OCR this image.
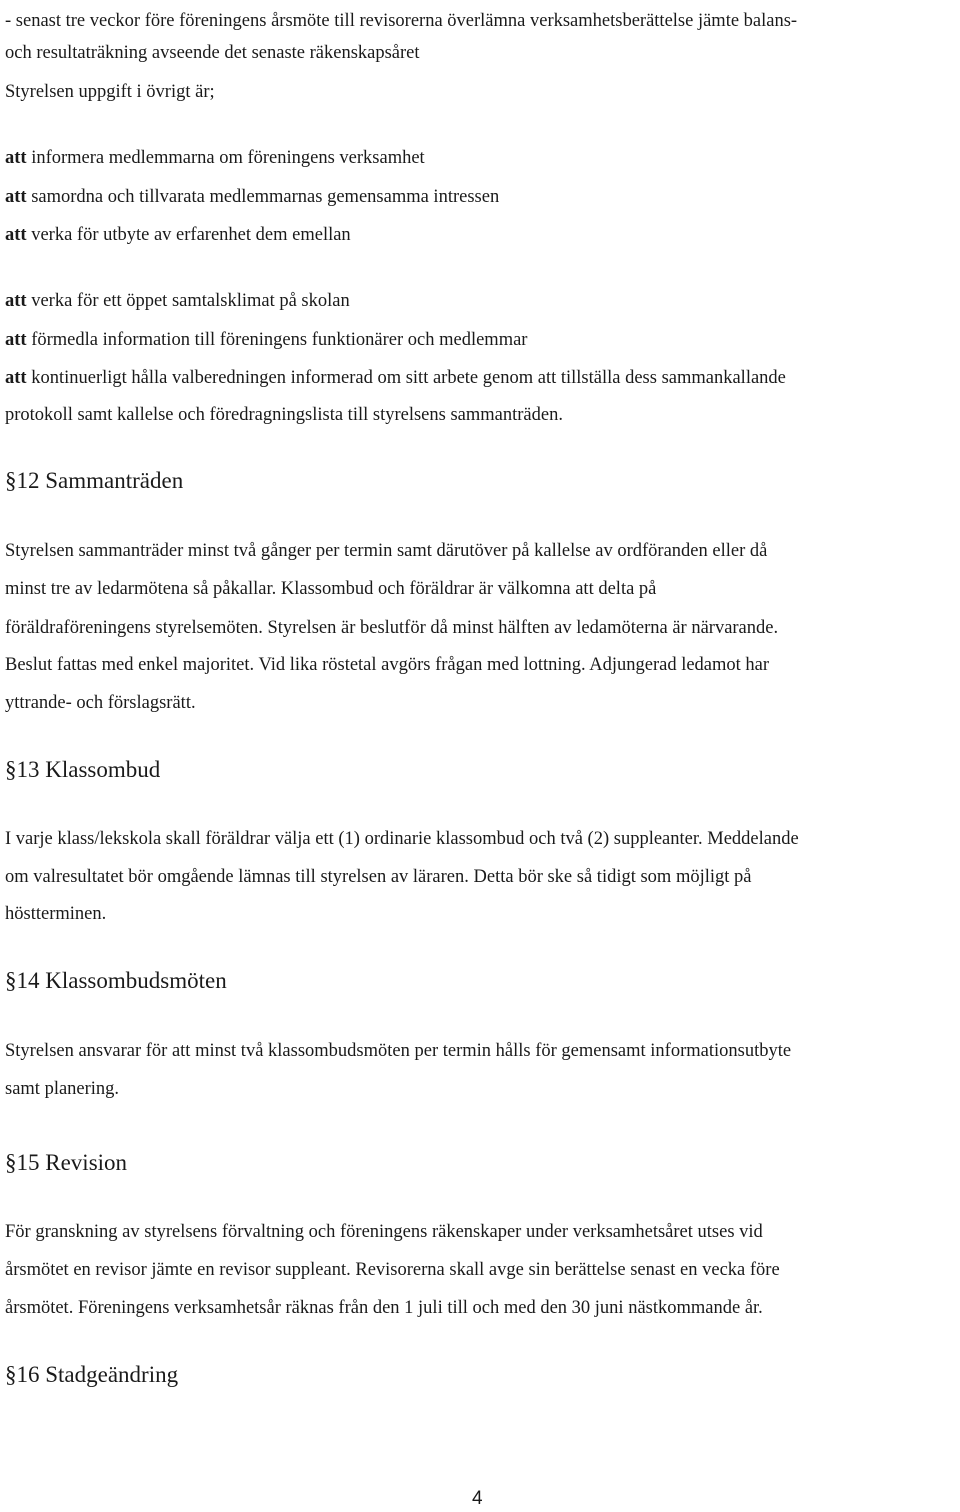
- senast tre veckor före föreningens årsmöte till revisorerna överlämna verksamhetsberättelse jämte balans-
och resultaträkning avseende det senaste räkenskapsåret
Styrelsen uppgift i övrigt är;
att informera medlemmarna om föreningens verksamhet
att samordna och tillvarata medlemmarnas gemensamma intressen
att verka för utbyte av erfarenhet dem emellan
att verka för ett öppet samtalsklimat på skolan
att förmedla information till föreningens funktionärer och medlemmar
att kontinuerligt hålla valberedningen informerad om sitt arbete genom att tillställa dess sammankallande
protokoll samt kallelse och föredragningslista till styrelsens sammanträden.
§12 Sammanträden
Styrelsen sammanträder minst två gånger per termin samt därutöver på kallelse av ordföranden eller då
minst tre av ledarmötena så påkallar. Klassombud och föräldrar är välkomna att delta på
föräldraföreningens styrelsemöten. Styrelsen är beslutför då minst hälften av ledamöterna är närvarande.
Beslut fattas med enkel majoritet. Vid lika röstetal avgörs frågan med lottning. Adjungerad ledamot har
yttrande- och förslagsrätt.
§13 Klassombud
I varje klass/lekskola skall föräldrar välja ett (1) ordinarie klassombud och två (2) suppleanter. Meddelande
om valresultatet bör omgående lämnas till styrelsen av läraren. Detta bör ske så tidigt som möjligt på
höstterminen.
§14 Klassombudsmöten
Styrelsen ansvarar för att minst två klassombudsmöten per termin hålls för gemensamt informationsutbyte
samt planering.
§15 Revision
För granskning av styrelsens förvaltning och föreningens räkenskaper under verksamhetsåret utses vid
årsmötet en revisor jämte en revisor suppleant. Revisorerna skall avge sin berättelse senast en vecka före
årsmötet. Föreningens verksamhetsår räknas från den 1 juli till och med den 30 juni nästkommande år.
§16 Stadgeändring
4
